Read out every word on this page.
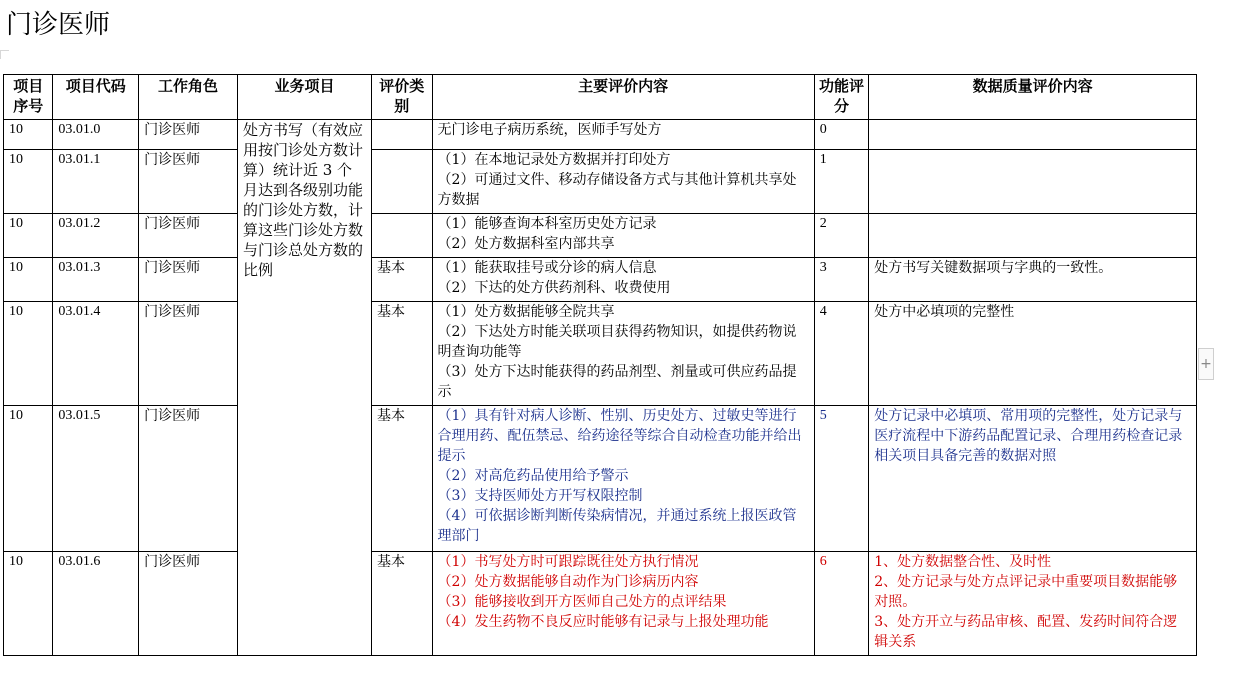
门诊医师
项目序号	项目代码	工作角色	业务项目	评价类别	主要评价内容	功能评分	数据质量评价内容
10	03.01.0	门诊医师	处方书写（有效应用按门诊处方数计算）统计近 3 个月达到各级别功能的门诊处方数，计算这些门诊处方数与门诊总处方数的比例		无门诊电子病历系统，医师手写处方	0	
10	03.01.1	门诊医师			（1）在本地记录处方数据并打印处方
（2）可通过文件、移动存储设备方式与其他计算机共享处方数据	1	
10	03.01.2	门诊医师			（1）能够查询本科室历史处方记录
（2）处方数据科室内部共享	2	
10	03.01.3	门诊医师		基本	（1）能获取挂号或分诊的病人信息
（2）下达的处方供药剂科、收费使用	3	处方书写关键数据项与字典的一致性。

10	03.01.4	门诊医师		基本	（1）处方数据能够全院共享
（2）下达处方时能关联项目获得药物知识，如提供药物说明查询功能等
（3）处方下达时能获得的药品剂型、剂量或可供应药品提示	4	处方中必填项的完整性

10	03.01.5	门诊医师		基本	（1）具有针对病人诊断、性别、历史处方、过敏史等进行合理用药、配伍禁忌、给药途径等综合自动检查功能并给出提示
（2）对高危药品使用给予警示
（3）支持医师处方开写权限控制
（4）可依据诊断判断传染病情况，并通过系统上报医政管理部门	5	处方记录中必填项、常用项的完整性，处方记录与医疗流程中下游药品配置记录、合理用药检查记录相关项目具备完善的数据对照

10	03.01.6	门诊医师		基本	（1）书写处方时可跟踪既往处方执行情况
（2）处方数据能够自动作为门诊病历内容
（3）能够接收到开方医师自己处方的点评结果
（4）发生药物不良反应时能够有记录与上报处理功能	6	1、处方数据整合性、及时性
2、处方记录与处方点评记录中重要项目数据能够对照。
3、处方开立与药品审核、配置、发药时间符合逻辑关系
+
